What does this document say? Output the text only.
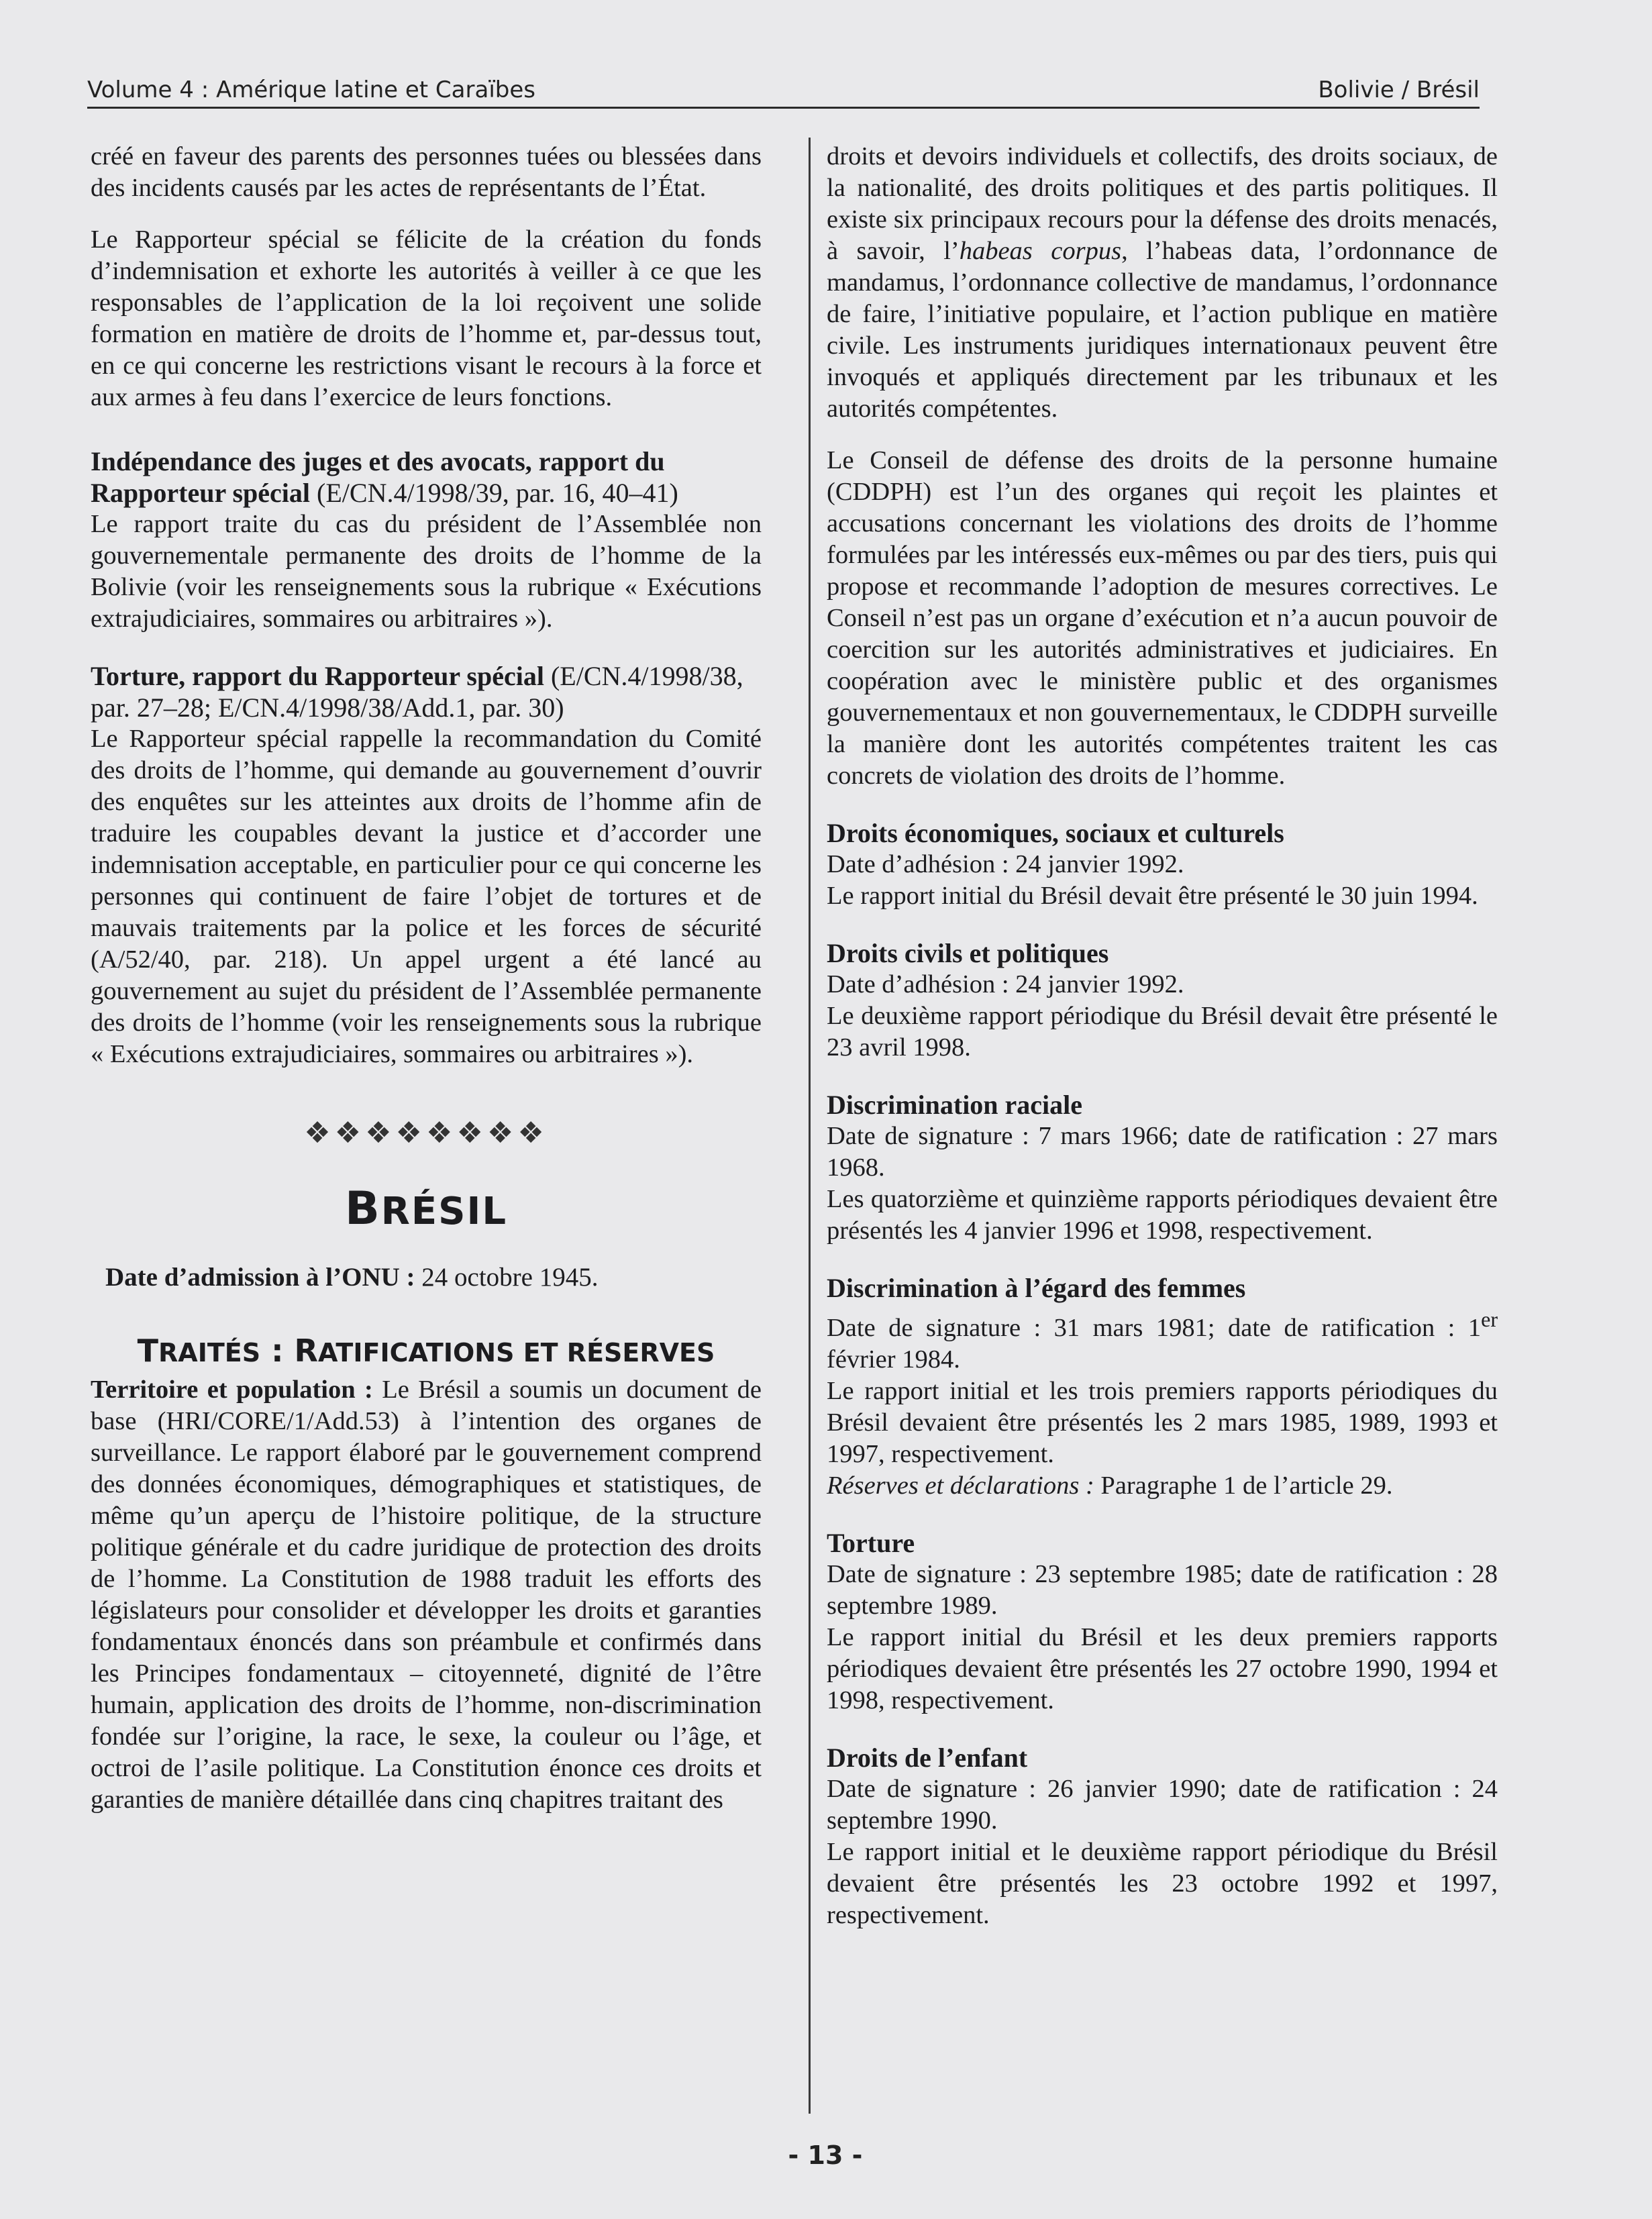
Volume 4 : Amérique latine et Caraïbes	Bolivie / Brésil

créé en faveur des parents des personnes tuées ou blessées dans des incidents causés par les actes de représentants de l’État.

Le Rapporteur spécial se félicite de la création du fonds d’indemnisation et exhorte les autorités à veiller à ce que les responsables de l’application de la loi reçoivent une solide formation en matière de droits de l’homme et, par-dessus tout, en ce qui concerne les restrictions visant le recours à la force et aux armes à feu dans l’exercice de leurs fonctions.

Indépendance des juges et des avocats, rapport du Rapporteur spécial (E/CN.4/1998/39, par. 16, 40–41)

Le rapport traite du cas du président de l’Assemblée non gouvernementale permanente des droits de l’homme de la Bolivie (voir les renseignements sous la rubrique « Exécutions extrajudiciaires, sommaires ou arbitraires »).

Torture, rapport du Rapporteur spécial (E/CN.4/1998/38, par. 27–28; E/CN.4/1998/38/Add.1, par. 30)

Le Rapporteur spécial rappelle la recommandation du Comité des droits de l’homme, qui demande au gouvernement d’ouvrir des enquêtes sur les atteintes aux droits de l’homme afin de traduire les coupables devant la justice et d’accorder une indemnisation acceptable, en particulier pour ce qui concerne les personnes qui continuent de faire l’objet de tortures et de mauvais traitements par la police et les forces de sécurité (A/52/40, par. 218). Un appel urgent a été lancé au gouvernement au sujet du président de l’Assemblée permanente des droits de l’homme (voir les renseignements sous la rubrique « Exécutions extrajudiciaires, sommaires ou arbitraires »).

❖❖❖❖❖❖❖❖
BRÉSIL

Date d’admission à l’ONU : 24 octobre 1945.

TRAITÉS : RATIFICATIONS ET RÉSERVES

Territoire et population : Le Brésil a soumis un document de base (HRI/CORE/1/Add.53) à l’intention des organes de surveillance. Le rapport élaboré par le gouvernement comprend des données économiques, démographiques et statistiques, de même qu’un aperçu de l’histoire politique, de la structure politique générale et du cadre juridique de protection des droits de l’homme. La Constitution de 1988 traduit les efforts des législateurs pour consolider et développer les droits et garanties fondamentaux énoncés dans son préambule et confirmés dans les Principes fondamentaux – citoyenneté, dignité de l’être humain, application des droits de l’homme, non-discrimination fondée sur l’origine, la race, le sexe, la couleur ou l’âge, et octroi de l’asile politique. La Constitution énonce ces droits et garanties de manière détaillée dans cinq chapitres traitant des

droits et devoirs individuels et collectifs, des droits sociaux, de la nationalité, des droits politiques et des partis politiques. Il existe six principaux recours pour la défense des droits menacés, à savoir, l’habeas corpus, l’habeas data, l’ordonnance de mandamus, l’ordonnance collective de mandamus, l’ordonnance de faire, l’initiative populaire, et l’action publique en matière civile. Les instruments juridiques internationaux peuvent être invoqués et appliqués directement par les tribunaux et les autorités compétentes.

Le Conseil de défense des droits de la personne humaine (CDDPH) est l’un des organes qui reçoit les plaintes et accusations concernant les violations des droits de l’homme formulées par les intéressés eux-mêmes ou par des tiers, puis qui propose et recommande l’adoption de mesures correctives. Le Conseil n’est pas un organe d’exécution et n’a aucun pouvoir de coercition sur les autorités administratives et judiciaires. En coopération avec le ministère public et des organismes gouvernementaux et non gouvernementaux, le CDDPH surveille la manière dont les autorités compétentes traitent les cas concrets de violation des droits de l’homme.

Droits économiques, sociaux et culturels

Date d’adhésion : 24 janvier 1992.

Le rapport initial du Brésil devait être présenté le 30 juin 1994.

Droits civils et politiques

Date d’adhésion : 24 janvier 1992.

Le deuxième rapport périodique du Brésil devait être présenté le 23 avril 1998.

Discrimination raciale

Date de signature : 7 mars 1966; date de ratification : 27 mars 1968.

Les quatorzième et quinzième rapports périodiques devaient être présentés les 4 janvier 1996 et 1998, respectivement.

Discrimination à l’égard des femmes

Date de signature : 31 mars 1981; date de ratification : 1er février 1984.

Le rapport initial et les trois premiers rapports périodiques du Brésil devaient être présentés les 2 mars 1985, 1989, 1993 et 1997, respectivement.

Réserves et déclarations : Paragraphe 1 de l’article 29.

Torture

Date de signature : 23 septembre 1985; date de ratification : 28 septembre 1989.

Le rapport initial du Brésil et les deux premiers rapports périodiques devaient être présentés les 27 octobre 1990, 1994 et 1998, respectivement.

Droits de l’enfant

Date de signature : 26 janvier 1990; date de ratification : 24 septembre 1990.

Le rapport initial et le deuxième rapport périodique du Brésil devaient être présentés les 23 octobre 1992 et 1997, respectivement.

- 13 -
